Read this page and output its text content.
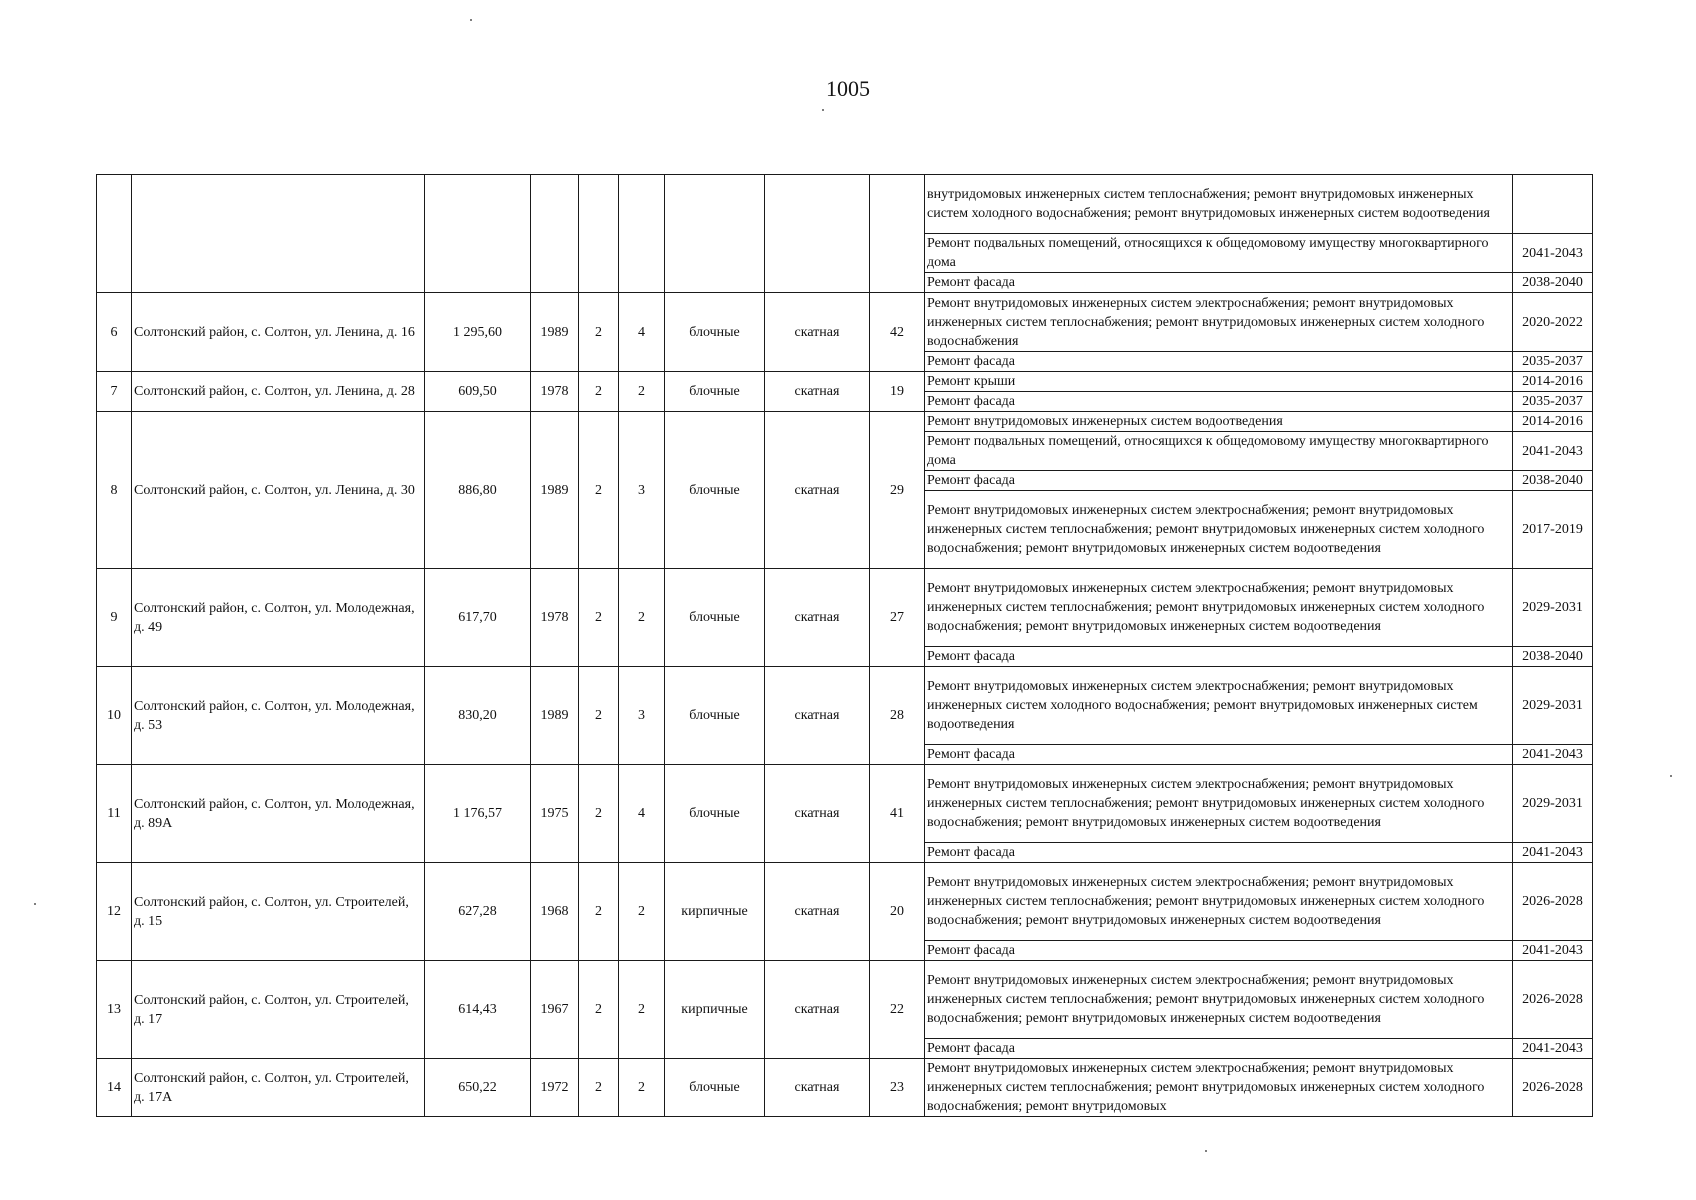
1005
									внутридомовых инженерных систем теплоснабжения; ремонт внутридомовых инженерных систем холодного водоснабжения; ремонт внутридомовых инженерных систем водоотведения	
									Ремонт подвальных помещений, относящихся к общедомовому имуществу многоквартирного дома	2041-2043
									Ремонт фасада	2038-2040
6	Солтонский район, с. Солтон, ул. Ленина, д. 16	1 295,60	1989	2	4	блочные	скатная	42	Ремонт внутридомовых инженерных систем электроснабжения; ремонт внутридомовых инженерных систем теплоснабжения; ремонт внутридомовых инженерных систем холодного водоснабжения	2020-2022
									Ремонт фасада	2035-2037
7	Солтонский район, с. Солтон, ул. Ленина, д. 28	609,50	1978	2	2	блочные	скатная	19	Ремонт крыши	2014-2016
									Ремонт фасада	2035-2037
8	Солтонский район, с. Солтон, ул. Ленина, д. 30	886,80	1989	2	3	блочные	скатная	29	Ремонт внутридомовых инженерных систем водоотведения	2014-2016
									Ремонт подвальных помещений, относящихся к общедомовому имуществу многоквартирного дома	2041-2043
									Ремонт фасада	2038-2040
									Ремонт внутридомовых инженерных систем электроснабжения; ремонт внутридомовых инженерных систем теплоснабжения; ремонт внутридомовых инженерных систем холодного водоснабжения; ремонт внутридомовых инженерных систем водоотведения	2017-2019
9	Солтонский район, с. Солтон, ул. Молодежная, д. 49	617,70	1978	2	2	блочные	скатная	27	Ремонт внутридомовых инженерных систем электроснабжения; ремонт внутридомовых инженерных систем теплоснабжения; ремонт внутридомовых инженерных систем холодного водоснабжения; ремонт внутридомовых инженерных систем водоотведения	2029-2031
									Ремонт фасада	2038-2040
10	Солтонский район, с. Солтон, ул. Молодежная, д. 53	830,20	1989	2	3	блочные	скатная	28	Ремонт внутридомовых инженерных систем электроснабжения; ремонт внутридомовых инженерных систем холодного водоснабжения; ремонт внутридомовых инженерных систем водоотведения	2029-2031
									Ремонт фасада	2041-2043
11	Солтонский район, с. Солтон, ул. Молодежная, д. 89А	1 176,57	1975	2	4	блочные	скатная	41	Ремонт внутридомовых инженерных систем электроснабжения; ремонт внутридомовых инженерных систем теплоснабжения; ремонт внутридомовых инженерных систем холодного водоснабжения; ремонт внутридомовых инженерных систем водоотведения	2029-2031
									Ремонт фасада	2041-2043
12	Солтонский район, с. Солтон, ул. Строителей, д. 15	627,28	1968	2	2	кирпичные	скатная	20	Ремонт внутридомовых инженерных систем электроснабжения; ремонт внутридомовых инженерных систем теплоснабжения; ремонт внутридомовых инженерных систем холодного водоснабжения; ремонт внутридомовых инженерных систем водоотведения	2026-2028
									Ремонт фасада	2041-2043
13	Солтонский район, с. Солтон, ул. Строителей, д. 17	614,43	1967	2	2	кирпичные	скатная	22	Ремонт внутридомовых инженерных систем электроснабжения; ремонт внутридомовых инженерных систем теплоснабжения; ремонт внутридомовых инженерных систем холодного водоснабжения; ремонт внутридомовых инженерных систем водоотведения	2026-2028
									Ремонт фасада	2041-2043
14	Солтонский район, с. Солтон, ул. Строителей, д. 17А	650,22	1972	2	2	блочные	скатная	23	Ремонт внутридомовых инженерных систем электроснабжения; ремонт внутридомовых инженерных систем теплоснабжения; ремонт внутридомовых инженерных систем холодного водоснабжения; ремонт внутридомовых	2026-2028
